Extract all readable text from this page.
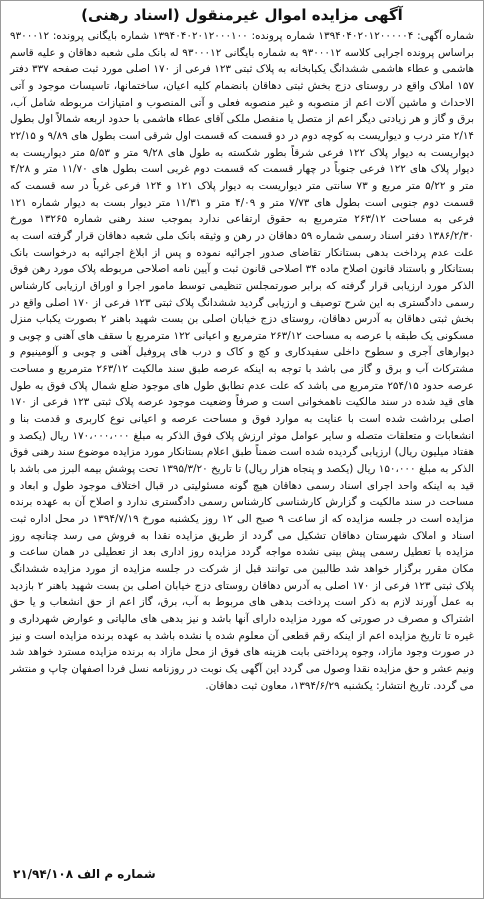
آگهی مزایده اموال غیرمنقول (اسناد رهنی)

شماره آگهی: ۱۳۹۴۰۴۰۲۰۱۲۰۰۰۰۰۴ شماره پرونده: ۱۳۹۴۰۴۰۲۰۱۲۰۰۰۱۰۰ شماره بایگانی پرونده: ۹۳۰۰۰۱۲ براساس پرونده اجرایی کلاسه ۹۳۰۰۰۱۲ به شماره بایگانی ۹۳۰۰۰۱۲ له بانک ملی شعبه دهاقان و علیه قاسم هاشمی و عطاء هاشمی ششدانگ یکبابخانه به پلاک ثبتی ۱۲۳ فرعی از ۱۷۰ اصلی مورد ثبت صفحه ۳۳۷ دفتر ۱۵۷ املاک واقع در روستای دزج بخش ثبتی دهاقان بانضمام کلیه اعیان، ساختمانها، تاسیسات موجود و آتی الاحداث و ماشین آلات اعم از منصوبه و غیر منصوبه فعلی و آتی المنصوب و امتیازات مربوطه شامل آب، برق و گاز و هر زیادتی دیگر اعم از متصل یا منفصل ملکی آقای عطاء هاشمی با حدود اربعه شمالاً اول بطول ۲/۱۴ متر درب و دیواریست به کوچه دوم در دو قسمت که قسمت اول شرقی است بطول های ۹/۸۹ و ۲۲/۱۵ دیواریست به دیوار پلاک ۱۲۲ فرعی شرقاً بطور شکسته به طول های ۹/۲۸ متر و ۵/۵۳ متر دیواریست به دیوار پلاک های ۱۲۲ فرعی جنوباً در چهار قسمت که قسمت دوم غربی است بطول های ۱۱/۷۰ متر و ۴/۲۸ متر و ۵/۲۲ متر مربع و ۷۳ سانتی متر دیواریست به دیوار پلاک ۱۲۱ و ۱۲۴ فرعی غرباً در سه قسمت که قسمت دوم جنوبی است بطول های ۷/۷۳ متر و ۴/۰۹ متر و ۱۱/۳۱ متر دیوار بست به دیوار شماره ۱۲۱ فرعی به مساحت ۲۶۳/۱۲ مترمربع به حقوق ارتفاعی ندارد بموجب سند رهنی شماره ۱۳۲۶۵ مورخ ۱۳۸۶/۲/۳۰ دفتر اسناد رسمی شماره ۵۹ دهاقان در رهن و وثیقه بانک ملی شعبه دهاقان قرار گرفته است به علت عدم پرداخت بدهی بستانکار تقاضای صدور اجرائیه نموده و پس از ابلاغ اجرائیه به درخواست بانک بستانکار و باستناد قانون اصلاح ماده ۳۴ اصلاحی قانون ثبت و آیین نامه اصلاحی مربوطه پلاک مورد رهن فوق الذکر مورد ارزیابی قرار گرفته که برابر صورتمجلس تنظیمی توسط مامور اجرا و اوراق ارزیابی کارشناس رسمی دادگستری به این شرح توصیف و ارزیابی گردید ششدانگ پلاک ثبتی ۱۲۳ فرعی از ۱۷۰ اصلی واقع در بخش ثبتی دهاقان به آدرس دهاقان، روستای دزج خیابان اصلی بن بست شهید باهنر ۲ بصورت یکباب منزل مسکونی یک طبقه با عرصه به مساحت ۲۶۳/۱۲ مترمربع و اعیانی ۱۲۲ مترمربع با سقف های آهنی و چوبی و دیوارهای آجری و سطوح داخلی سفیدکاری و کچ و کاک و درب های پروفیل آهنی و چوبی و آلومینیوم و مشترکات آب و برق و گاز می باشد با توجه به اینکه عرصه طبق سند مالکیت ۲۶۳/۱۲ مترمربع و مساحت عرصه حدود ۲۵۴/۱۵ مترمربع می باشد که علت عدم تطابق طول های موجود ضلع شمال پلاک فوق به طول های قید شده در سند مالکیت ناهمخوانی است و صرفاً وضعیت موجود عرصه پلاک ثبتی ۱۲۳ فرعی از ۱۷۰ اصلی برداشت شده است با عنایت به موارد فوق و مساحت عرصه و اعیانی نوع کاربری و قدمت بنا و انشعابات و متعلقات متصله و سایر عوامل موثر ارزش پلاک فوق الذکر به مبلغ ۱۷۰،۰۰۰،۰۰۰ ریال (یکصد و هفتاد میلیون ریال) ارزیابی گردیده شده است ضمناً طبق اعلام بستانکار مورد مزایده موضوع سند رهنی فوق الذکر به مبلغ ۱۵۰،۰۰۰ ریال (یکصد و پنجاه هزار ریال) تا تاریخ ۱۳۹۵/۳/۲۰ تحت پوشش بیمه البرز می باشد با قید به اینکه واحد اجرای اسناد رسمی دهاقان هیچ گونه مسئولیتی در قبال اختلاف موجود طول و ابعاد و مساحت در سند مالکیت و گزارش کارشناسی کارشناس رسمی دادگستری ندارد و اصلاح آن به عهده برنده مزایده است در جلسه مزایده که از ساعت ۹ صبح الی ۱۲ روز یکشنبه مورخ ۱۳۹۴/۷/۱۹ در محل اداره ثبت اسناد و املاک شهرستان دهاقان تشکیل می گردد از طریق مزایده نقدا به فروش می رسد چنانچه روز مزایده با تعطیل رسمی پیش بینی نشده مواجه گردد مزایده روز اداری بعد از تعطیلی در همان ساعت و مکان مقرر برگزار خواهد شد طالبین می توانند قبل از شرکت در جلسه مزایده از مورد مزایده ششدانگ پلاک ثبتی ۱۲۳ فرعی از ۱۷۰ اصلی به آدرس دهاقان روستای دزج خیابان اصلی بن بست شهید باهنر ۲ بازدید به عمل آورند لازم به ذکر است پرداخت بدهی های مربوط به آب، برق، گاز اعم از حق انشعاب و یا حق اشتراک و مصرف در صورتی که مورد مزایده دارای آنها باشد و نیز بدهی های مالیاتی و عوارض شهرداری و غیره تا تاریخ مزایده اعم از اینکه رقم قطعی آن معلوم شده یا نشده باشد به عهده برنده مزایده است و نیز در صورت وجود مازاد، وجوه پرداختی بابت هزینه های فوق از محل مازاد به برنده مزایده مسترد خواهد شد ونیم عشر و حق مزایده نقدا وصول می گردد این آگهی یک نوبت در روزنامه نسل فردا اصفهان چاپ و منتشر می گردد. تاریخ انتشار: یکشنبه ۱۳۹۴/۶/۲۹، معاون ثبت دهاقان.

شماره م الف ۲۱/۹۴/۱۰۸
